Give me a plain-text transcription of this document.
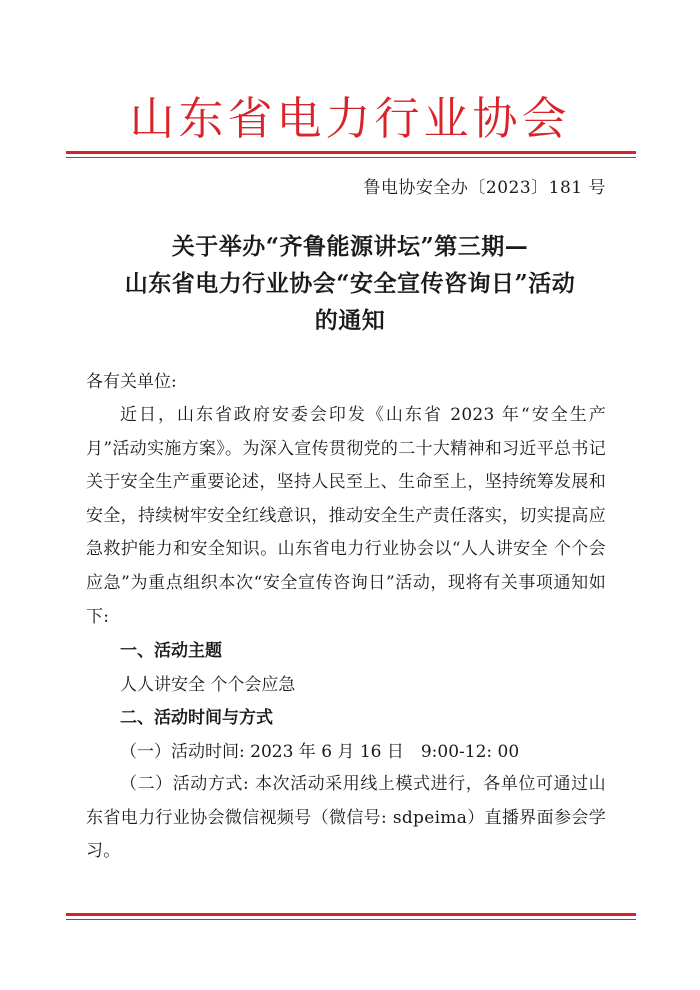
山东省电力行业协会
鲁电协安全办〔2023〕181 号
关于举办“齐鲁能源讲坛”第三期—
山东省电力行业协会“安全宣传咨询日”活动
的通知
各有关单位:
近日，山东省政府安委会印发《山东省 2023 年“安全生产月”活动实施方案》。为深入宣传贯彻党的二十大精神和习近平总书记关于安全生产重要论述，坚持人民至上、生命至上，坚持统筹发展和安全，持续树牢安全红线意识，推动安全生产责任落实，切实提高应急救护能力和安全知识。山东省电力行业协会以“人人讲安全 个个会应急”为重点组织本次“安全宣传咨询日”活动，现将有关事项通知如下:
一、活动主题
人人讲安全 个个会应急
二、活动时间与方式
（一）活动时间: 2023 年 6 月 16 日　9:00-12: 00
（二）活动方式: 本次活动采用线上模式进行，各单位可通过山东省电力行业协会微信视频号（微信号: sdpeima）直播界面参会学习。
